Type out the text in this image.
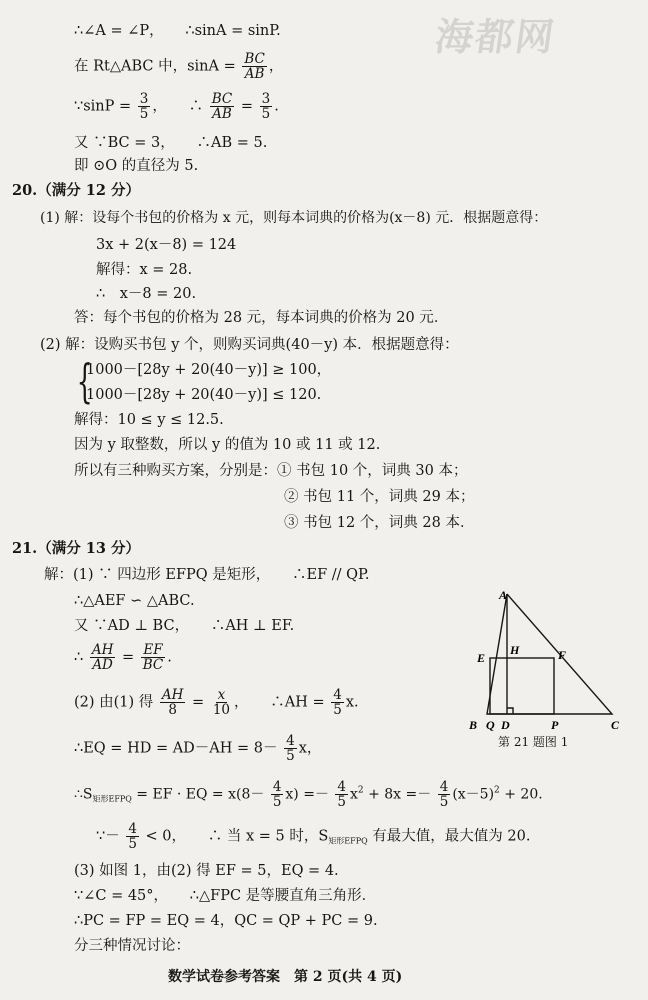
海都网
∴∠A = ∠P，　　∴sinA = sinP.
在 Rt△ABC 中，$\sin A = \frac{BC}{AB}$ ，
∵sinP = $\frac{3}{5}$ ，　　∴ $\frac{BC}{AB} = \frac{3}{5}$ .
又 ∵BC = 3，　　∴AB = 5.
即 ⊙O 的直径为 5.
20.（满分 12 分）
(1) 解：设每个书包的价格为 x 元，则每本词典的价格为(x－8) 元．根据题意得：
3x + 2(x－8) = 124
解得：x = 28.
∴　x－8 = 20.
答：每个书包的价格为 28 元，每本词典的价格为 20 元．
(2) 解：设购买书包 y 个，则购买词典(40－y) 本．根据题意得：
{
1000－[28y + 20(40－y)] ≥ 100，
1000－[28y + 20(40－y)] ≤ 120.
解得：10 ≤ y ≤ 12.5.
因为 y 取整数，所以 y 的值为 10 或 11 或 12.
所以有三种购买方案，分别是：① 书包 10 个，词典 30 本；
② 书包 11 个，词典 29 本；
③ 书包 12 个，词典 28 本．
21.（满分 13 分）
解：(1) ∵ 四边形 EFPQ 是矩形，　　∴EF // QP.
∴△AEF ∽ △ABC.
又 ∵AD ⊥ BC，　　∴AH ⊥ EF.
∴ $\frac{AH}{AD} = \frac{EF}{BC}$ .
(2) 由(1) 得 $\frac{AH}{8} = \frac{x}{10}$ ，　　∴AH = $\frac{4}{5} x$.
∴EQ = HD = $AD-AH = 8- \frac{4}{5}$ x，
$\therefore S_{矩形EFPQ}$ = EF · EQ = $x(8- \frac{4}{5} x) =- \frac{4}{5} x^2 + 8x =- \frac{4}{5} (x-5)^2 + 20$.
∵－ $\frac{4}{5} < 0$，　　∴ 当 x = 5 时，$S_{矩形EFPQ}$ 有最大值，最大值为 20.
(3) 如图 1，由(2) 得 EF = 5，EQ = 4.
∵∠C = 45°，　　∴△FPC 是等腰直角三角形．
∴PC = FP = EQ = 4，QC = QP + PC = 9.
分三种情况讨论：
A
E
H	F
B Q D	P	C
第 21 题图 1
数学试卷参考答案　第 2 页(共 4 页)
